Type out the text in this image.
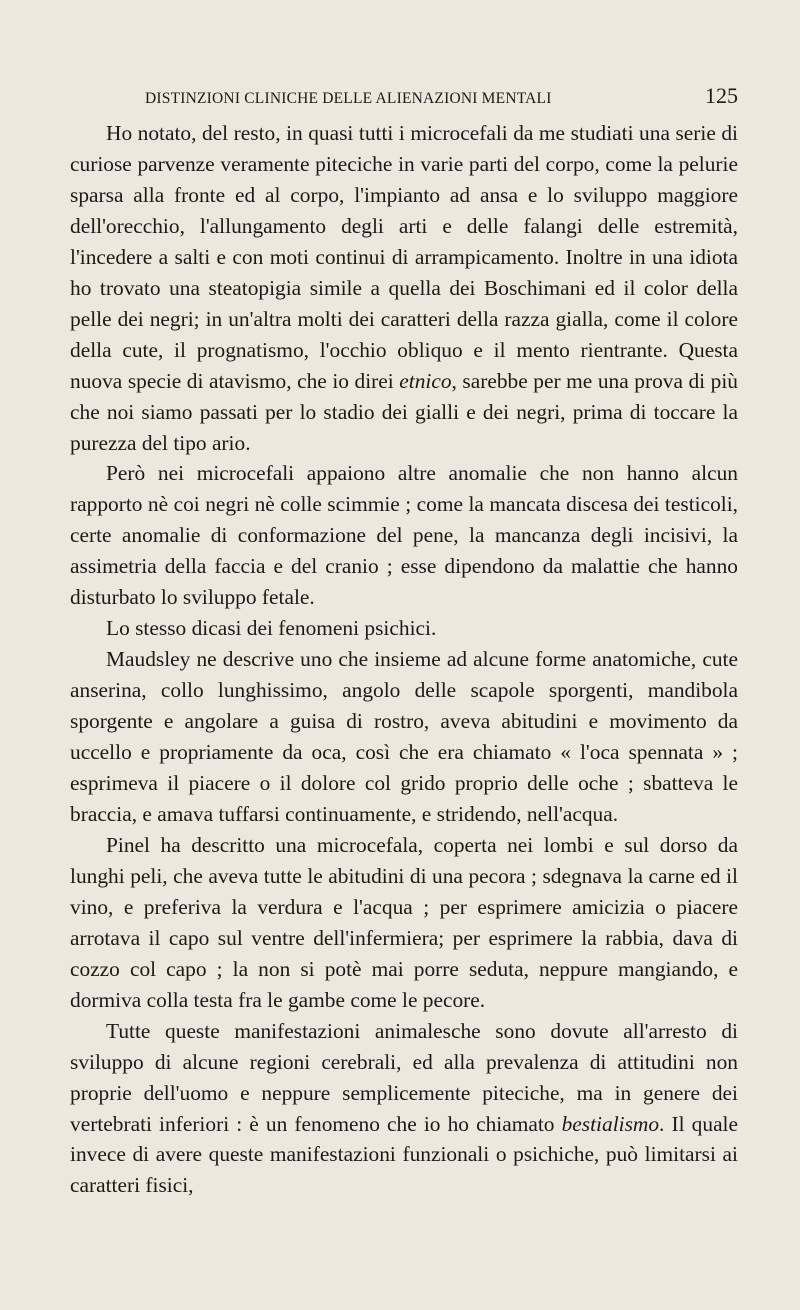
DISTINZIONI CLINICHE DELLE ALIENAZIONI MENTALI	125

Ho notato, del resto, in quasi tutti i microcefali da me studiati una serie di curiose parvenze veramente piteciche in varie parti del corpo, come la pelurie sparsa alla fronte ed al corpo, l'impianto ad ansa e lo sviluppo maggiore dell'orecchio, l'allungamento degli arti e delle falangi delle estremità, l'incedere a salti e con moti continui di arrampicamento. Inoltre in una idiota ho trovato una steatopigia simile a quella dei Boschimani ed il color della pelle dei negri; in un'altra molti dei caratteri della razza gialla, come il colore della cute, il prognatismo, l'occhio obliquo e il mento rientrante. Questa nuova specie di atavismo, che io direi etnico, sarebbe per me una prova di più che noi siamo passati per lo stadio dei gialli e dei negri, prima di toccare la purezza del tipo ario.

Però nei microcefali appaiono altre anomalie che non hanno alcun rapporto nè coi negri nè colle scimmie ; come la mancata discesa dei testicoli, certe anomalie di conformazione del pene, la mancanza degli incisivi, la assimetria della faccia e del cranio ; esse dipendono da malattie che hanno disturbato lo sviluppo fetale.

Lo stesso dicasi dei fenomeni psichici.

Maudsley ne descrive uno che insieme ad alcune forme anatomiche, cute anserina, collo lunghissimo, angolo delle scapole sporgenti, mandibola sporgente e angolare a guisa di rostro, aveva abitudini e movimento da uccello e propriamente da oca, così che era chiamato « l'oca spennata » ; esprimeva il piacere o il dolore col grido proprio delle oche ; sbatteva le braccia, e amava tuffarsi continuamente, e stridendo, nell'acqua.

Pinel ha descritto una microcefala, coperta nei lombi e sul dorso da lunghi peli, che aveva tutte le abitudini di una pecora ; sdegnava la carne ed il vino, e preferiva la verdura e l'acqua ; per esprimere amicizia o piacere arrotava il capo sul ventre dell'infermiera; per esprimere la rabbia, dava di cozzo col capo ; la non si potè mai porre seduta, neppure mangiando, e dormiva colla testa fra le gambe come le pecore.

Tutte queste manifestazioni animalesche sono dovute all'arresto di sviluppo di alcune regioni cerebrali, ed alla prevalenza di attitudini non proprie dell'uomo e neppure semplicemente piteciche, ma in genere dei vertebrati inferiori : è un fenomeno che io ho chiamato bestialismo. Il quale invece di avere queste manifestazioni funzionali o psichiche, può limitarsi ai caratteri fisici,
